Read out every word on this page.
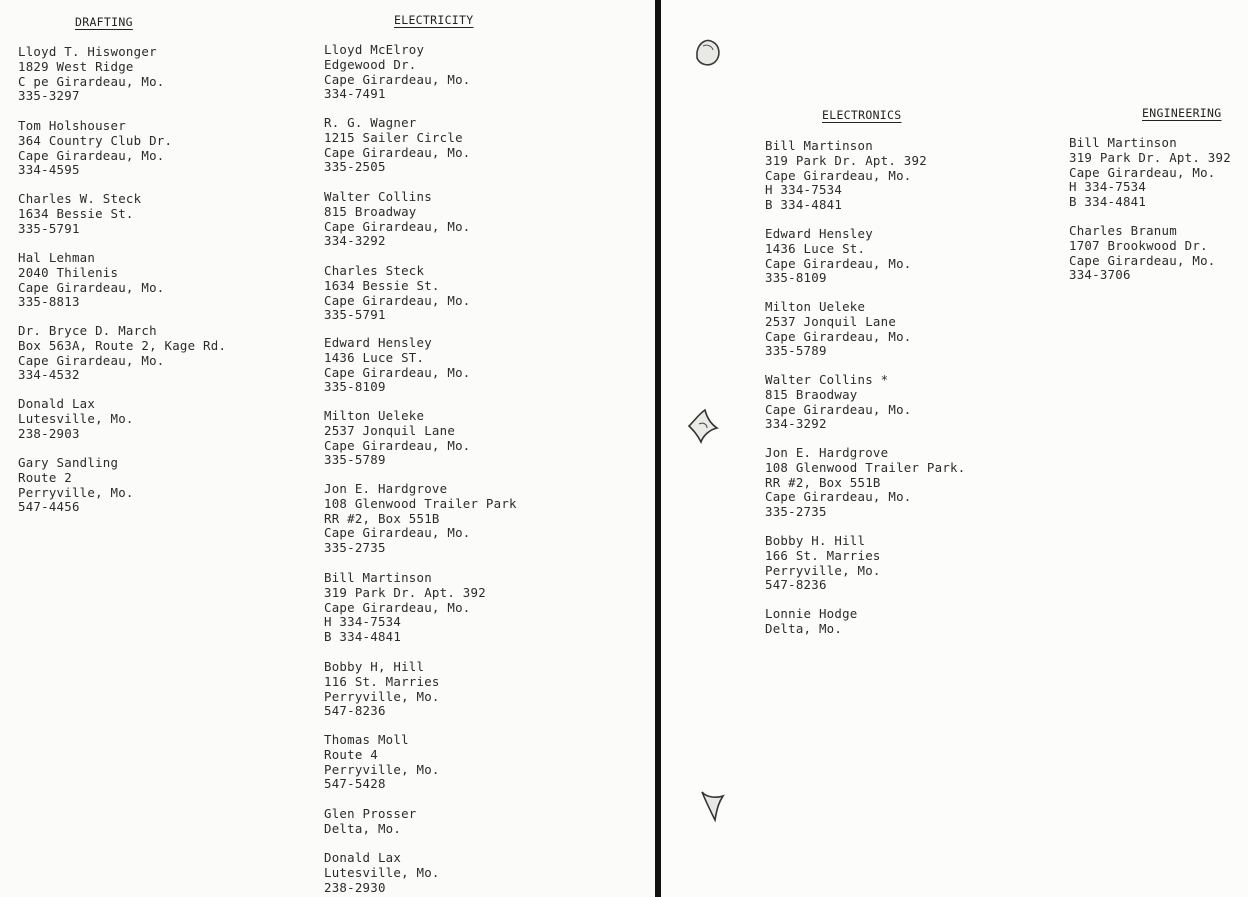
DRAFTING
Lloyd T. Hiswonger
1829 West Ridge
C pe Girardeau, Mo.
335-3297
Tom Holshouser
364 Country Club Dr.
Cape Girardeau, Mo.
334-4595
Charles W. Steck
1634 Bessie St.
335-5791
Hal Lehman
2040 Thilenis
Cape Girardeau, Mo.
335-8813
Dr. Bryce D. March
Box 563A, Route 2, Kage Rd.
Cape Girardeau, Mo.
334-4532
Donald Lax
Lutesville, Mo.
238-2903
Gary Sandling
Route 2
Perryville, Mo.
547-4456
ELECTRICITY
Lloyd McElroy
Edgewood Dr.
Cape Girardeau, Mo.
334-7491
R. G. Wagner
1215 Sailer Circle
Cape Girardeau, Mo.
335-2505
Walter Collins
815 Broadway
Cape Girardeau, Mo.
334-3292
Charles Steck
1634 Bessie St.
Cape Girardeau, Mo.
335-5791
Edward Hensley
1436 Luce ST.
Cape Girardeau, Mo.
335-8109
Milton Ueleke
2537 Jonquil Lane
Cape Girardeau, Mo.
335-5789
Jon E. Hardgrove
108 Glenwood Trailer Park
RR #2, Box 551B
Cape Girardeau, Mo.
335-2735
Bill Martinson
319 Park Dr. Apt. 392
Cape Girardeau, Mo.
H 334-7534
B 334-4841
Bobby H, Hill
116 St. Marries
Perryville, Mo.
547-8236
Thomas Moll
Route 4
Perryville, Mo.
547-5428
Glen Prosser
Delta, Mo.
Donald Lax
Lutesville, Mo.
238-2930
ELECTRONICS
Bill Martinson
319 Park Dr. Apt. 392
Cape Girardeau, Mo.
H 334-7534
B 334-4841
Edward Hensley
1436 Luce St.
Cape Girardeau, Mo.
335-8109
Milton Ueleke
2537 Jonquil Lane
Cape Girardeau, Mo.
335-5789
Walter Collins *
815 Braodway
Cape Girardeau, Mo.
334-3292
Jon E. Hardgrove
108 Glenwood Trailer Park.
RR #2, Box 551B
Cape Girardeau, Mo.
335-2735
Bobby H. Hill
166 St. Marries
Perryville, Mo.
547-8236
Lonnie Hodge
Delta, Mo.
ENGINEERING
Bill Martinson
319 Park Dr. Apt. 392
Cape Girardeau, Mo.
H 334-7534
B 334-4841
Charles Branum
1707 Brookwood Dr.
Cape Girardeau, Mo.
334-3706
